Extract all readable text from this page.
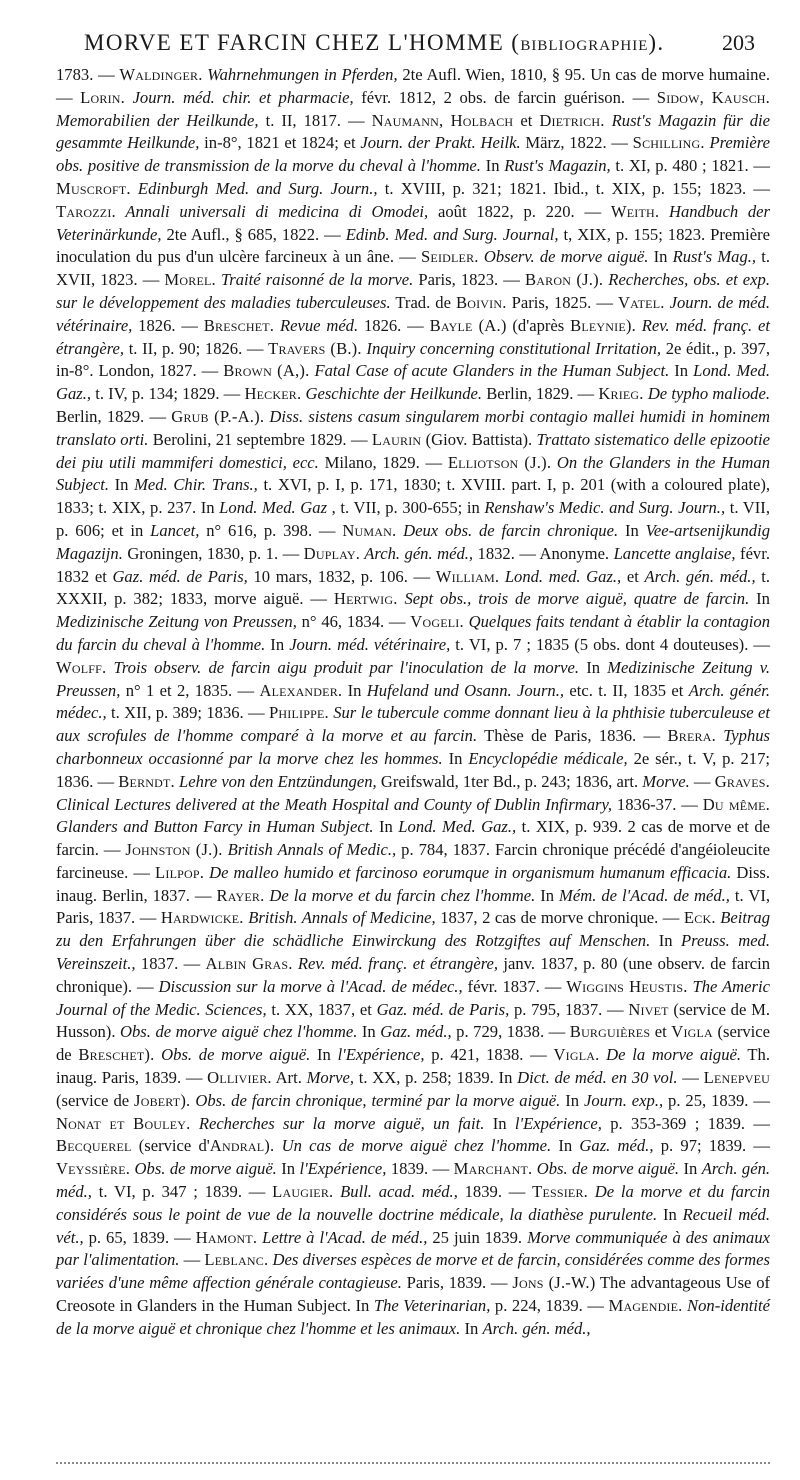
MORVE ET FARCIN CHEZ L'HOMME (BIBLIOGRAPHIE).	203
1783. — Waldinger. Wahrnehmungen in Pferden, 2te Aufl. Wien, 1810, § 95. Un cas de morve humaine. — Lorin. Journ. méd. chir. et pharmacie, févr. 1812, 2 obs. de farcin guérison. — Sidow, Kausch. Memorabilien der Heilkunde, t. II, 1817. — Naumann, Holbach et Dietrich. Rust's Magazin für die gesammte Heilkunde, in-8°, 1821 et 1824; et Journ. der Prakt. Heilk. März, 1822. — Schilling. Première obs. positive de transmission de la morve du cheval à l'homme. In Rust's Magazin, t. XI, p. 480 ; 1821. — Muscroft. Edinburgh Med. and Surg. Journ., t. XVIII, p. 321; 1821. Ibid., t. XIX, p. 155; 1823. — Tarozzi. Annali universali di medicina di Omodei, août 1822, p. 220. — Weith. Handbuch der Veterinärkunde, 2te Aufl., § 685, 1822. — Edinb. Med. and Surg. Journal, t, XIX, p. 155; 1823. Première inoculation du pus d'un ulcère farcineux à un âne. — Seidler. Observ. de morve aiguë. In Rust's Mag., t. XVII, 1823. — Morel. Traité raisonné de la morve. Paris, 1823. — Baron (J.). Recherches, obs. et exp. sur le développement des maladies tuberculeuses. Trad. de Boivin. Paris, 1825. — Vatel. Journ. de méd. vétérinaire, 1826. — Breschet. Revue méd. 1826. — Bayle (A.) (d'après Bleynie). Rev. méd. franç. et étrangère, t. II, p. 90; 1826. — Travers (B.). Inquiry concerning constitutional Irritation, 2e édit., p. 397, in-8°. London, 1827. — Brown (A,). Fatal Case of acute Glanders in the Human Subject. In Lond. Med. Gaz., t. IV, p. 134; 1829. — Hecker. Geschichte der Heilkunde. Berlin, 1829. — Krieg. De typho maliode. Berlin, 1829. — Grub (P.-A.). Diss. sistens casum singularem morbi contagio mallei humidi in hominem translato orti. Berolini, 21 septembre 1829. — Laurin (Giov. Battista). Trattato sistematico delle epizootie dei piu utili mammiferi domestici, ecc. Milano, 1829. — Elliotson (J.). On the Glanders in the Human Subject. In Med. Chir. Trans., t. XVI, p. I, p. 171, 1830; t. XVIII. part. I, p. 201 (with a coloured plate), 1833; t. XIX, p. 237. In Lond. Med. Gaz , t. VII, p. 300-655; in Renshaw's Medic. and Surg. Journ., t. VII, p. 606; et in Lancet, n° 616, p. 398. — Numan. Deux obs. de farcin chronique. In Vee-artsenijkundig Magazijn. Groningen, 1830, p. 1. — Duplay. Arch. gén. méd., 1832. — Anonyme. Lancette anglaise, févr. 1832 et Gaz. méd. de Paris, 10 mars, 1832, p. 106. — William. Lond. med. Gaz., et Arch. gén. méd., t. XXXII, p. 382; 1833, morve aiguë. — Hertwig. Sept obs., trois de morve aiguë, quatre de farcin. In Medizinische Zeitung von Preussen, n° 46, 1834. — Vogeli. Quelques faits tendant à établir la contagion du farcin du cheval à l'homme. In Journ. méd. vétérinaire, t. VI, p. 7 ; 1835 (5 obs. dont 4 douteuses). — Wolff. Trois observ. de farcin aigu produit par l'inoculation de la morve. In Medizinische Zeitung v. Preussen, n° 1 et 2, 1835. — Alexander. In Hufeland und Osann. Journ., etc. t. II, 1835 et Arch. génér. médec., t. XII, p. 389; 1836. — Philippe. Sur le tubercule comme donnant lieu à la phthisie tuberculeuse et aux scrofules de l'homme comparé à la morve et au farcin. Thèse de Paris, 1836. — Brera. Typhus charbonneux occasionné par la morve chez les hommes. In Encyclopédie médicale, 2e sér., t. V, p. 217; 1836. — Berndt. Lehre von den Entzündungen, Greifswald, 1ter Bd., p. 243; 1836, art. Morve. — Graves. Clinical Lectures delivered at the Meath Hospital and County of Dublin Infirmary, 1836-37. — Du même. Glanders and Button Farcy in Human Subject. In Lond. Med. Gaz., t. XIX, p. 939. 2 cas de morve et de farcin. — Johnston (J.). British Annals of Medic., p. 784, 1837. Farcin chronique précédé d'angéioleucite farcineuse. — Lilpop. De malleo humido et farcinoso eorumque in organismum humanum efficacia. Diss. inaug. Berlin, 1837. — Rayer. De la morve et du farcin chez l'homme. In Mém. de l'Acad. de méd., t. VI, Paris, 1837. — Hardwicke. British. Annals of Medicine, 1837, 2 cas de morve chronique. — Eck. Beitrag zu den Erfahrungen über die schädliche Einwirckung des Rotzgiftes auf Menschen. In Preuss. med. Vereinszeit., 1837. — Albin Gras. Rev. méd. franç. et étrangère, janv. 1837, p. 80 (une observ. de farcin chronique). — Discussion sur la morve à l'Acad. de médec., févr. 1837. — Wiggins Heustis. The Americ Journal of the Medic. Sciences, t. XX, 1837, et Gaz. méd. de Paris, p. 795, 1837. — Nivet (service de M. Husson). Obs. de morve aiguë chez l'homme. In Gaz. méd., p. 729, 1838. — Burguières et Vigla (service de Breschet). Obs. de morve aiguë. In l'Expérience, p. 421, 1838. — Vigla. De la morve aiguë. Th. inaug. Paris, 1839. — Ollivier. Art. Morve, t. XX, p. 258; 1839. In Dict. de méd. en 30 vol. — Lenepveu (service de Jobert). Obs. de farcin chronique, terminé par la morve aiguë. In Journ. exp., p. 25, 1839. — Nonat et Bouley. Recherches sur la morve aiguë, un fait. In l'Expérience, p. 353-369 ; 1839. — Becquerel (service d'Andral). Un cas de morve aiguë chez l'homme. In Gaz. méd., p. 97; 1839. — Veyssière. Obs. de morve aiguë. In l'Expérience, 1839. — Marchant. Obs. de morve aiguë. In Arch. gén. méd., t. VI, p. 347 ; 1839. — Laugier. Bull. acad. méd., 1839. — Tessier. De la morve et du farcin considérés sous le point de vue de la nouvelle doctrine médicale, la diathèse purulente. In Recueil méd. vét., p. 65, 1839. — Hamont. Lettre à l'Acad. de méd., 25 juin 1839. Morve communiquée à des animaux par l'alimentation. — Leblanc. Des diverses espèces de morve et de farcin, considérées comme des formes variées d'une même affection générale contagieuse. Paris, 1839. — Jons (J.-W.) The advantageous Use of Creosote in Glanders in the Human Subject. In The Veterinarian, p. 224, 1839. — Magendie. Non-identité de la morve aiguë et chronique chez l'homme et les animaux. In Arch. gén. méd.,
